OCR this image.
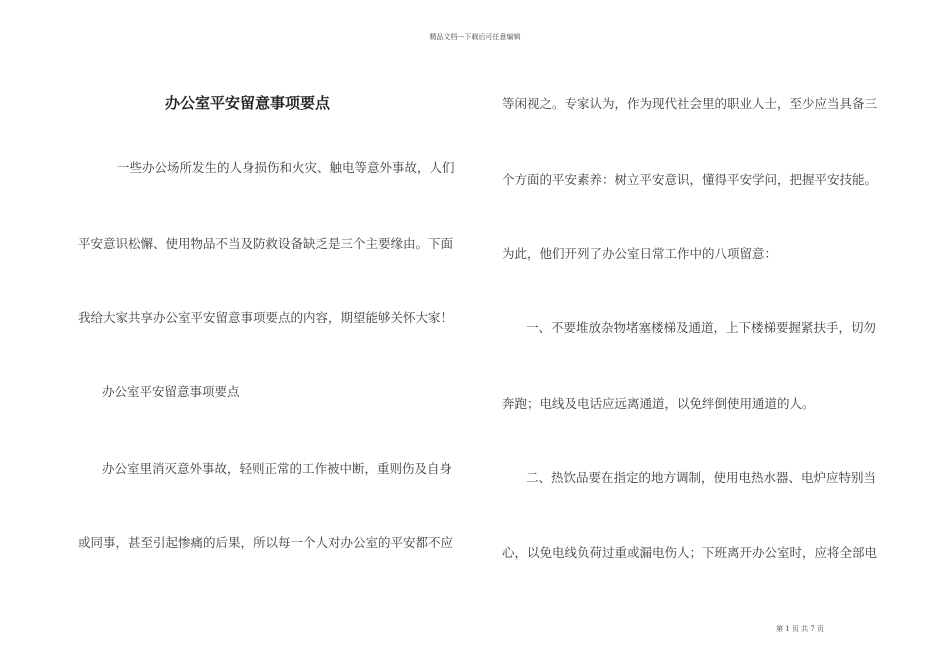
精品文档---下载后可任意编辑
办公室平安留意事项要点
一些办公场所发生的人身损伤和火灾、触电等意外事故，人们
平安意识松懈、使用物品不当及防救设备缺乏是三个主要缘由。下面
我给大家共享办公室平安留意事项要点的内容，期望能够关怀大家！
办公室平安留意事项要点
办公室里消灭意外事故，轻则正常的工作被中断，重则伤及自身
或同事，甚至引起惨痛的后果，所以每一个人对办公室的平安都不应
等闲视之。专家认为，作为现代社会里的职业人士，至少应当具备三
个方面的平安素养：树立平安意识，懂得平安学问，把握平安技能。
为此，他们开列了办公室日常工作中的八项留意：
一、不要堆放杂物堵塞楼梯及通道，上下楼梯要握紧扶手，切勿
奔跑；电线及电话应远离通道，以免绊倒使用通道的人。
二、热饮品要在指定的地方调制，使用电热水器、电炉应特别当
心，以免电线负荷过重或漏电伤人；下班离开办公室时，应将全部电
第 1 页 共 7 页
